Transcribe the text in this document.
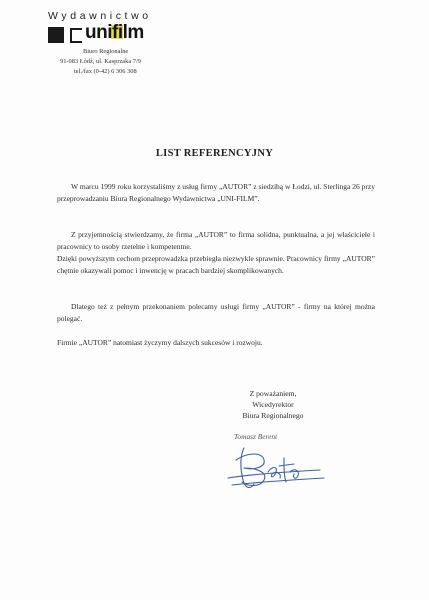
Wydawnictwo
unifilm
Biuro Regionalne
91-083 Łódź, ul. Kasprzaka 7/9
tel./fax (0-42) 6 306 308
LIST REFERENCYJNY
W marcu 1999 roku korzystaliśmy z usług firmy „AUTOR” z siedzibą w Łodzi, ul. Sterlinga 26 przy przeprowadzaniu Biura Regionalnego Wydawnictwa „UNI-FILM”.
Z przyjemnością stwierdzamy, że firma „AUTOR” to firma solidna, punktualna, a jej właściciele i pracownicy to osoby rzetelne i kompetentne.
Dzięki powyższym cechom przeprowadzka przebiegła niezwykle sprawnie. Pracownicy firmy „AUTOR” chętnie okazywali pomoc i inwencję w pracach bardziej skomplikowanych.
Dlatego też z pełnym przekonaniem polecamy usługi firmy „AUTOR” - firmy na której można polegać.
Firmie „AUTOR” natomiast życzymy dalszych sukcesów i rozwoju.
Z poważaniem,
Wicedyrektor
Biura Regionalnego
Tomasz Berent
